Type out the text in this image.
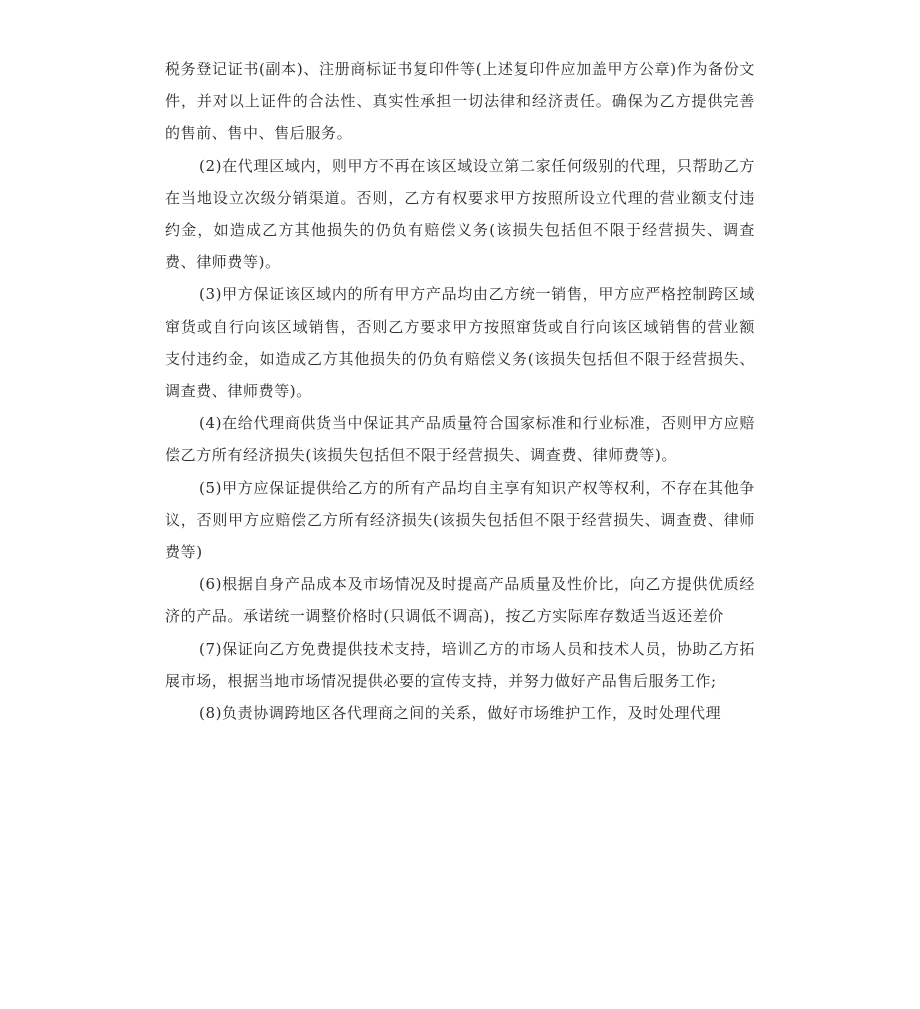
税务登记证书(副本)、注册商标证书复印件等(上述复印件应加盖甲方公章)作为备份文件，并对以上证件的合法性、真实性承担一切法律和经济责任。确保为乙方提供完善的售前、售中、售后服务。

(2)在代理区域内，则甲方不再在该区域设立第二家任何级别的代理，只帮助乙方在当地设立次级分销渠道。否则，乙方有权要求甲方按照所设立代理的营业额支付违约金，如造成乙方其他损失的仍负有赔偿义务(该损失包括但不限于经营损失、调查费、律师费等)。

(3)甲方保证该区域内的所有甲方产品均由乙方统一销售，甲方应严格控制跨区域窜货或自行向该区域销售，否则乙方要求甲方按照窜货或自行向该区域销售的营业额支付违约金，如造成乙方其他损失的仍负有赔偿义务(该损失包括但不限于经营损失、调查费、律师费等)。

(4)在给代理商供货当中保证其产品质量符合国家标准和行业标准，否则甲方应赔偿乙方所有经济损失(该损失包括但不限于经营损失、调查费、律师费等)。

(5)甲方应保证提供给乙方的所有产品均自主享有知识产权等权利，不存在其他争议，否则甲方应赔偿乙方所有经济损失(该损失包括但不限于经营损失、调查费、律师费等)

(6)根据自身产品成本及市场情况及时提高产品质量及性价比，向乙方提供优质经济的产品。承诺统一调整价格时(只调低不调高)，按乙方实际库存数适当返还差价

(7)保证向乙方免费提供技术支持，培训乙方的市场人员和技术人员，协助乙方拓展市场，根据当地市场情况提供必要的宣传支持，并努力做好产品售后服务工作;

(8)负责协调跨地区各代理商之间的关系，做好市场维护工作，及时处理代理
